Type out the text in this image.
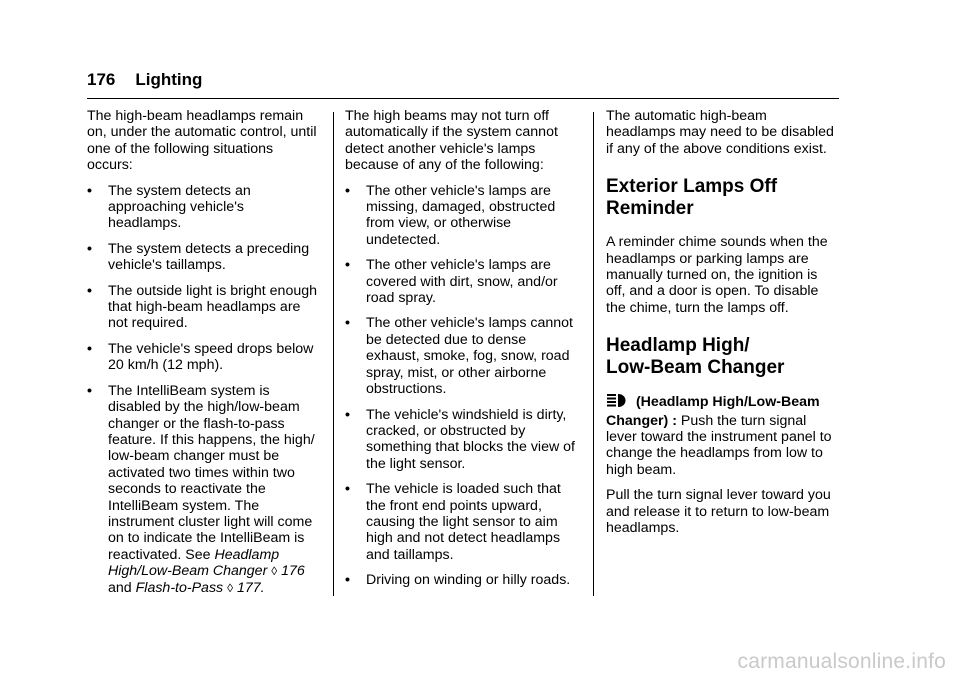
176 Lighting

The high-beam headlamps remain on, under the automatic control, until one of the following situations occurs:

• The system detects an approaching vehicle's headlamps.
• The system detects a preceding vehicle's taillamps.
• The outside light is bright enough that high-beam headlamps are not required.
• The vehicle's speed drops below 20 km/h (12 mph).
• The IntelliBeam system is disabled by the high/low-beam changer or the flash-to-pass feature. If this happens, the high/ low-beam changer must be activated two times within two seconds to reactivate the IntelliBeam system. The instrument cluster light will come on to indicate the IntelliBeam is reactivated. See Headlamp High/Low-Beam Changer ◊ 176
and Flash-to-Pass ◊ 177.

The high beams may not turn off automatically if the system cannot detect another vehicle's lamps because of any of the following:

• The other vehicle's lamps are missing, damaged, obstructed from view, or otherwise undetected.
• The other vehicle's lamps are covered with dirt, snow, and/or road spray.
• The other vehicle's lamps cannot be detected due to dense exhaust, smoke, fog, snow, road spray, mist, or other airborne obstructions.
• The vehicle's windshield is dirty, cracked, or obstructed by something that blocks the view of the light sensor.
• The vehicle is loaded such that the front end points upward, causing the light sensor to aim high and not detect headlamps and taillamps.
• Driving on winding or hilly roads.

The automatic high-beam headlamps may need to be disabled if any of the above conditions exist.

Exterior Lamps Off
Reminder

A reminder chime sounds when the headlamps or parking lamps are manually turned on, the ignition is off, and a door is open. To disable the chime, turn the lamps off.

Headlamp High/
Low-Beam Changer

(Headlamp High/Low-Beam Changer) : Push the turn signal lever toward the instrument panel to change the headlamps from low to high beam.

Pull the turn signal lever toward you and release it to return to low-beam headlamps.

carmanualsonline.info
